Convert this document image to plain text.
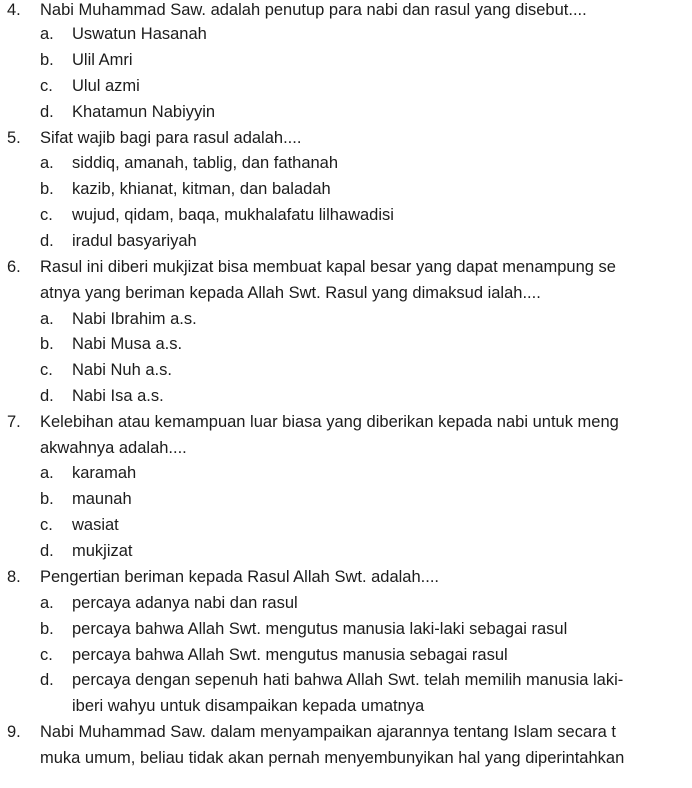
4. Nabi Muhammad Saw. adalah penutup para nabi dan rasul yang disebut....
a. Uswatun Hasanah
b. Ulil Amri
c. Ulul azmi
d. Khatamun Nabiyyin
5. Sifat wajib bagi para rasul adalah....
a. siddiq, amanah, tablig, dan fathanah
b. kazib, khianat, kitman, dan baladah
c. wujud, qidam, baqa, mukhalafatu lilhawadisi
d. iradul basyariyah
6. Rasul ini diberi mukjizat bisa membuat kapal besar yang dapat menampung se
atnya yang beriman kepada Allah Swt. Rasul yang dimaksud ialah....
a. Nabi Ibrahim a.s.
b. Nabi Musa a.s.
c. Nabi Nuh a.s.
d. Nabi Isa a.s.
7. Kelebihan atau kemampuan luar biasa yang diberikan kepada nabi untuk meng
akwahnya adalah....
a. karamah
b. maunah
c. wasiat
d. mukjizat
8. Pengertian beriman kepada Rasul Allah Swt. adalah....
a. percaya adanya nabi dan rasul
b. percaya bahwa Allah Swt. mengutus manusia laki-laki sebagai rasul
c. percaya bahwa Allah Swt. mengutus manusia sebagai rasul
d. percaya dengan sepenuh hati bahwa Allah Swt. telah memilih manusia laki-
iberi wahyu untuk disampaikan kepada umatnya
9. Nabi Muhammad Saw. dalam menyampaikan ajarannya tentang Islam secara t
muka umum, beliau tidak akan pernah menyembunyikan hal yang diperintahkan
